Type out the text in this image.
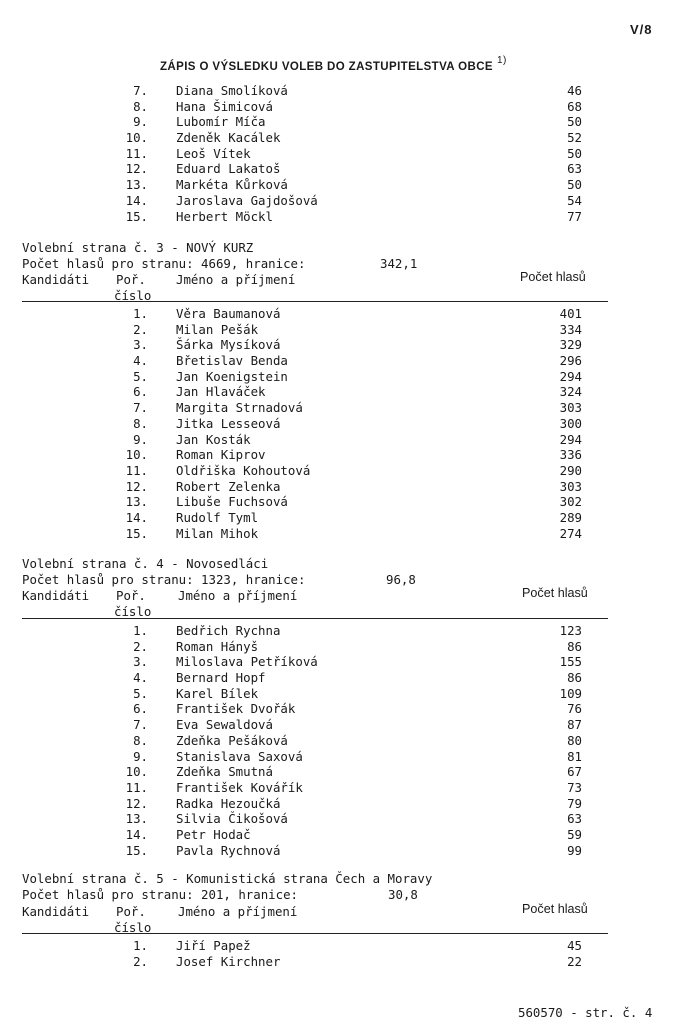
V/8
ZÁPIS O VÝSLEDKU VOLEB DO ZASTUPITELSTVA OBCE$^{1)}$
7. Diana Smolíková	46
8. Hana Šimicová	68
9. Lubomír Míča	50
10. Zdeněk Kacálek	52
11. Leoš Vítek	50
12. Eduard Lakatoš	63
13. Markéta Kůrková	50
14. Jaroslava Gajdošová	54
15. Herbert Möckl	77
Volební strana č. 3 - NOVÝ KURZ
Počet hlasů pro stranu: 4669, hranice:	342,1
Kandidáti Poř.
číslo
Jméno a příjmení	Počet hlasů
1. Věra Baumanová	401
2. Milan Pešák	334
3. Šárka Mysíková	329
4. Břetislav Benda	296
5. Jan Koenigstein	294
6. Jan Hlaváček	324
7. Margita Strnadová	303
8. Jitka Lesseová	300
9. Jan Kosták	294
10. Roman Kiprov	336
11. Oldřiška Kohoutová	290
12. Robert Zelenka	303
13. Libuše Fuchsová	302
14. Rudolf Tyml	289
15. Milan Mihok	274
Volební strana č. 4 - Novosedláci
Počet hlasů pro stranu: 1323, hranice:	96,8
Kandidáti Poř.
číslo
Jméno a příjmení	Počet hlasů
1. Bedřich Rychna	123
2. Roman Hányš	86
3. Miloslava Petříková	155
4. Bernard Hopf	86
5. Karel Bílek	109
6. František Dvořák	76
7. Eva Sewaldová	87
8. Zdeňka Pešáková	80
9. Stanislava Saxová	81
10. Zdeňka Smutná	67
11. František Kovářík	73
12. Radka Hezoučká	79
13. Silvia Čikošová	63
14. Petr Hodač	59
15. Pavla Rychnová	99
Volební strana č. 5 - Komunistická strana Čech a Moravy
Počet hlasů pro stranu: 201, hranice:	30,8
Kandidáti Poř.
číslo
Jméno a příjmení	Počet hlasů
1. Jiří Papež	45
2. Josef Kirchner	22
560570 - str. č. 4
